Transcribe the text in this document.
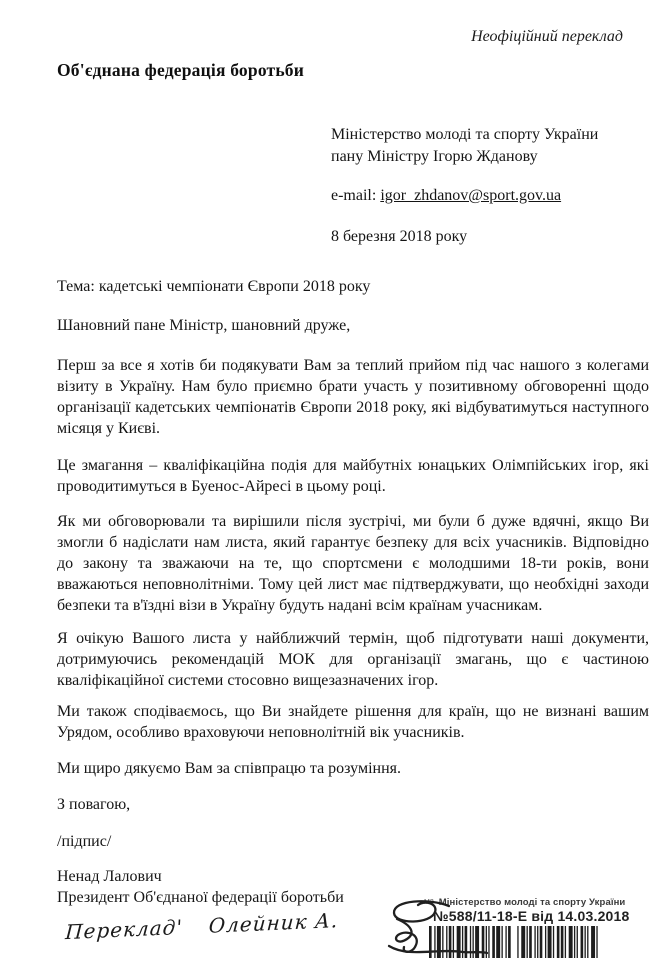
Неофіційний переклад
Об'єднана федерація боротьби
Міністерство молоді та спорту України
пану Міністру Ігорю Жданову
e-mail: igor_zhdanov@sport.gov.ua
8 березня 2018 року
Тема: кадетські чемпіонати Європи 2018 року
Шановний пане Міністр, шановний друже,
Перш за все я хотів би подякувати Вам за теплий прийом під час нашого з колегами візиту в Україну. Нам було приємно брати участь у позитивному обговоренні щодо організації кадетських чемпіонатів Європи 2018 року, які відбуватимуться наступного місяця у Києві.
Це змагання – кваліфікаційна подія для майбутніх юнацьких Олімпійських ігор, які проводитимуться в Буенос-Айресі в цьому році.
Як ми обговорювали та вирішили після зустрічі, ми були б дуже вдячні, якщо Ви змогли б надіслати нам листа, який гарантує безпеку для всіх учасників. Відповідно до закону та зважаючи на те, що спортсмени є молодшими 18-ти років, вони вважаються неповнолітніми. Тому цей лист має підтверджувати, що необхідні заходи безпеки та в'їздні візи в Україну будуть надані всім країнам учасникам.
Я очікую Вашого листа у найближчий термін, щоб підготувати наші документи, дотримуючись рекомендацій МОК для організації змагань, що є частиною кваліфікаційної системи стосовно вищезазначених ігор.
Ми також сподіваємось, що Ви знайдете рішення для країн, що не визнані вашим Урядом, особливо враховуючи неповнолітній вік учасників.
Ми щиро дякуємо Вам за співпрацю та розуміння.
З повагою,
/підпис/
Ненад Лалович
Президент Об'єднаної федерації боротьби
Переклад' Олейник А.
М2 Міністерство молоді та спорту України
№588/11-18-Е від 14.03.2018
